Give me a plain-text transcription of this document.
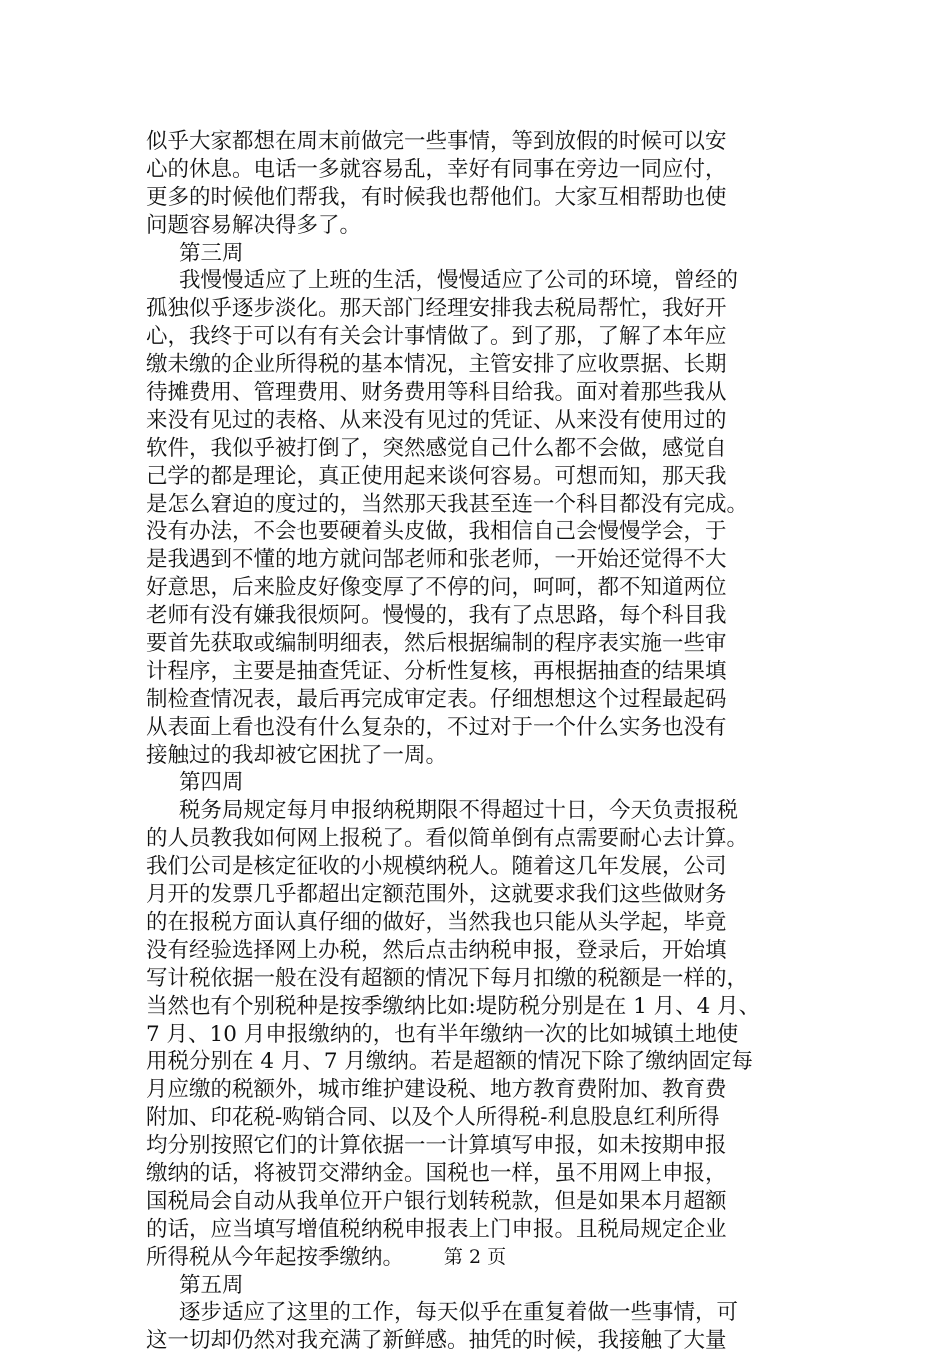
似乎大家都想在周末前做完一些事情，等到放假的时候可以安
心的休息。电话一多就容易乱，幸好有同事在旁边一同应付，
更多的时候他们帮我，有时候我也帮他们。大家互相帮助也使
问题容易解决得多了。
第三周
我慢慢适应了上班的生活，慢慢适应了公司的环境，曾经的
孤独似乎逐步淡化。那天部门经理安排我去税局帮忙，我好开
心，我终于可以有有关会计事情做了。到了那，了解了本年应
缴未缴的企业所得税的基本情况，主管安排了应收票据、长期
待摊费用、管理费用、财务费用等科目给我。面对着那些我从
来没有见过的表格、从来没有见过的凭证、从来没有使用过的
软件，我似乎被打倒了，突然感觉自己什么都不会做，感觉自
己学的都是理论，真正使用起来谈何容易。可想而知，那天我
是怎么窘迫的度过的，当然那天我甚至连一个科目都没有完成。
没有办法，不会也要硬着头皮做，我相信自己会慢慢学会，于
是我遇到不懂的地方就问郜老师和张老师，一开始还觉得不大
好意思，后来脸皮好像变厚了不停的问，呵呵，都不知道两位
老师有没有嫌我很烦阿。慢慢的，我有了点思路，每个科目我
要首先获取或编制明细表，然后根据编制的程序表实施一些审
计程序，主要是抽查凭证、分析性复核，再根据抽查的结果填
制检查情况表，最后再完成审定表。仔细想想这个过程最起码
从表面上看也没有什么复杂的，不过对于一个什么实务也没有
接触过的我却被它困扰了一周。
第四周
税务局规定每月申报纳税期限不得超过十日，今天负责报税
的人员教我如何网上报税了。看似简单倒有点需要耐心去计算。
我们公司是核定征收的小规模纳税人。随着这几年发展，公司
月开的发票几乎都超出定额范围外，这就要求我们这些做财务
的在报税方面认真仔细的做好，当然我也只能从头学起，毕竟
没有经验选择网上办税，然后点击纳税申报，登录后，开始填
写计税依据一般在没有超额的情况下每月扣缴的税额是一样的，
当然也有个别税种是按季缴纳比如:堤防税分别是在 1 月、4 月、
7 月、10 月申报缴纳的，也有半年缴纳一次的比如城镇土地使
用税分别在 4 月、7 月缴纳。若是超额的情况下除了缴纳固定每
月应缴的税额外，城市维护建设税、地方教育费附加、教育费
附加、印花税-购销合同、以及个人所得税-利息股息红利所得
均分别按照它们的计算依据一一计算填写申报，如未按期申报
缴纳的话，将被罚交滞纳金。国税也一样，虽不用网上申报，
国税局会自动从我单位开户银行划转税款，但是如果本月超额
的话，应当填写增值税纳税申报表上门申报。且税局规定企业
所得税从今年起按季缴纳。
第五周
逐步适应了这里的工作，每天似乎在重复着做一些事情，可
这一切却仍然对我充满了新鲜感。抽凭的时候，我接触了大量
第 2 页
